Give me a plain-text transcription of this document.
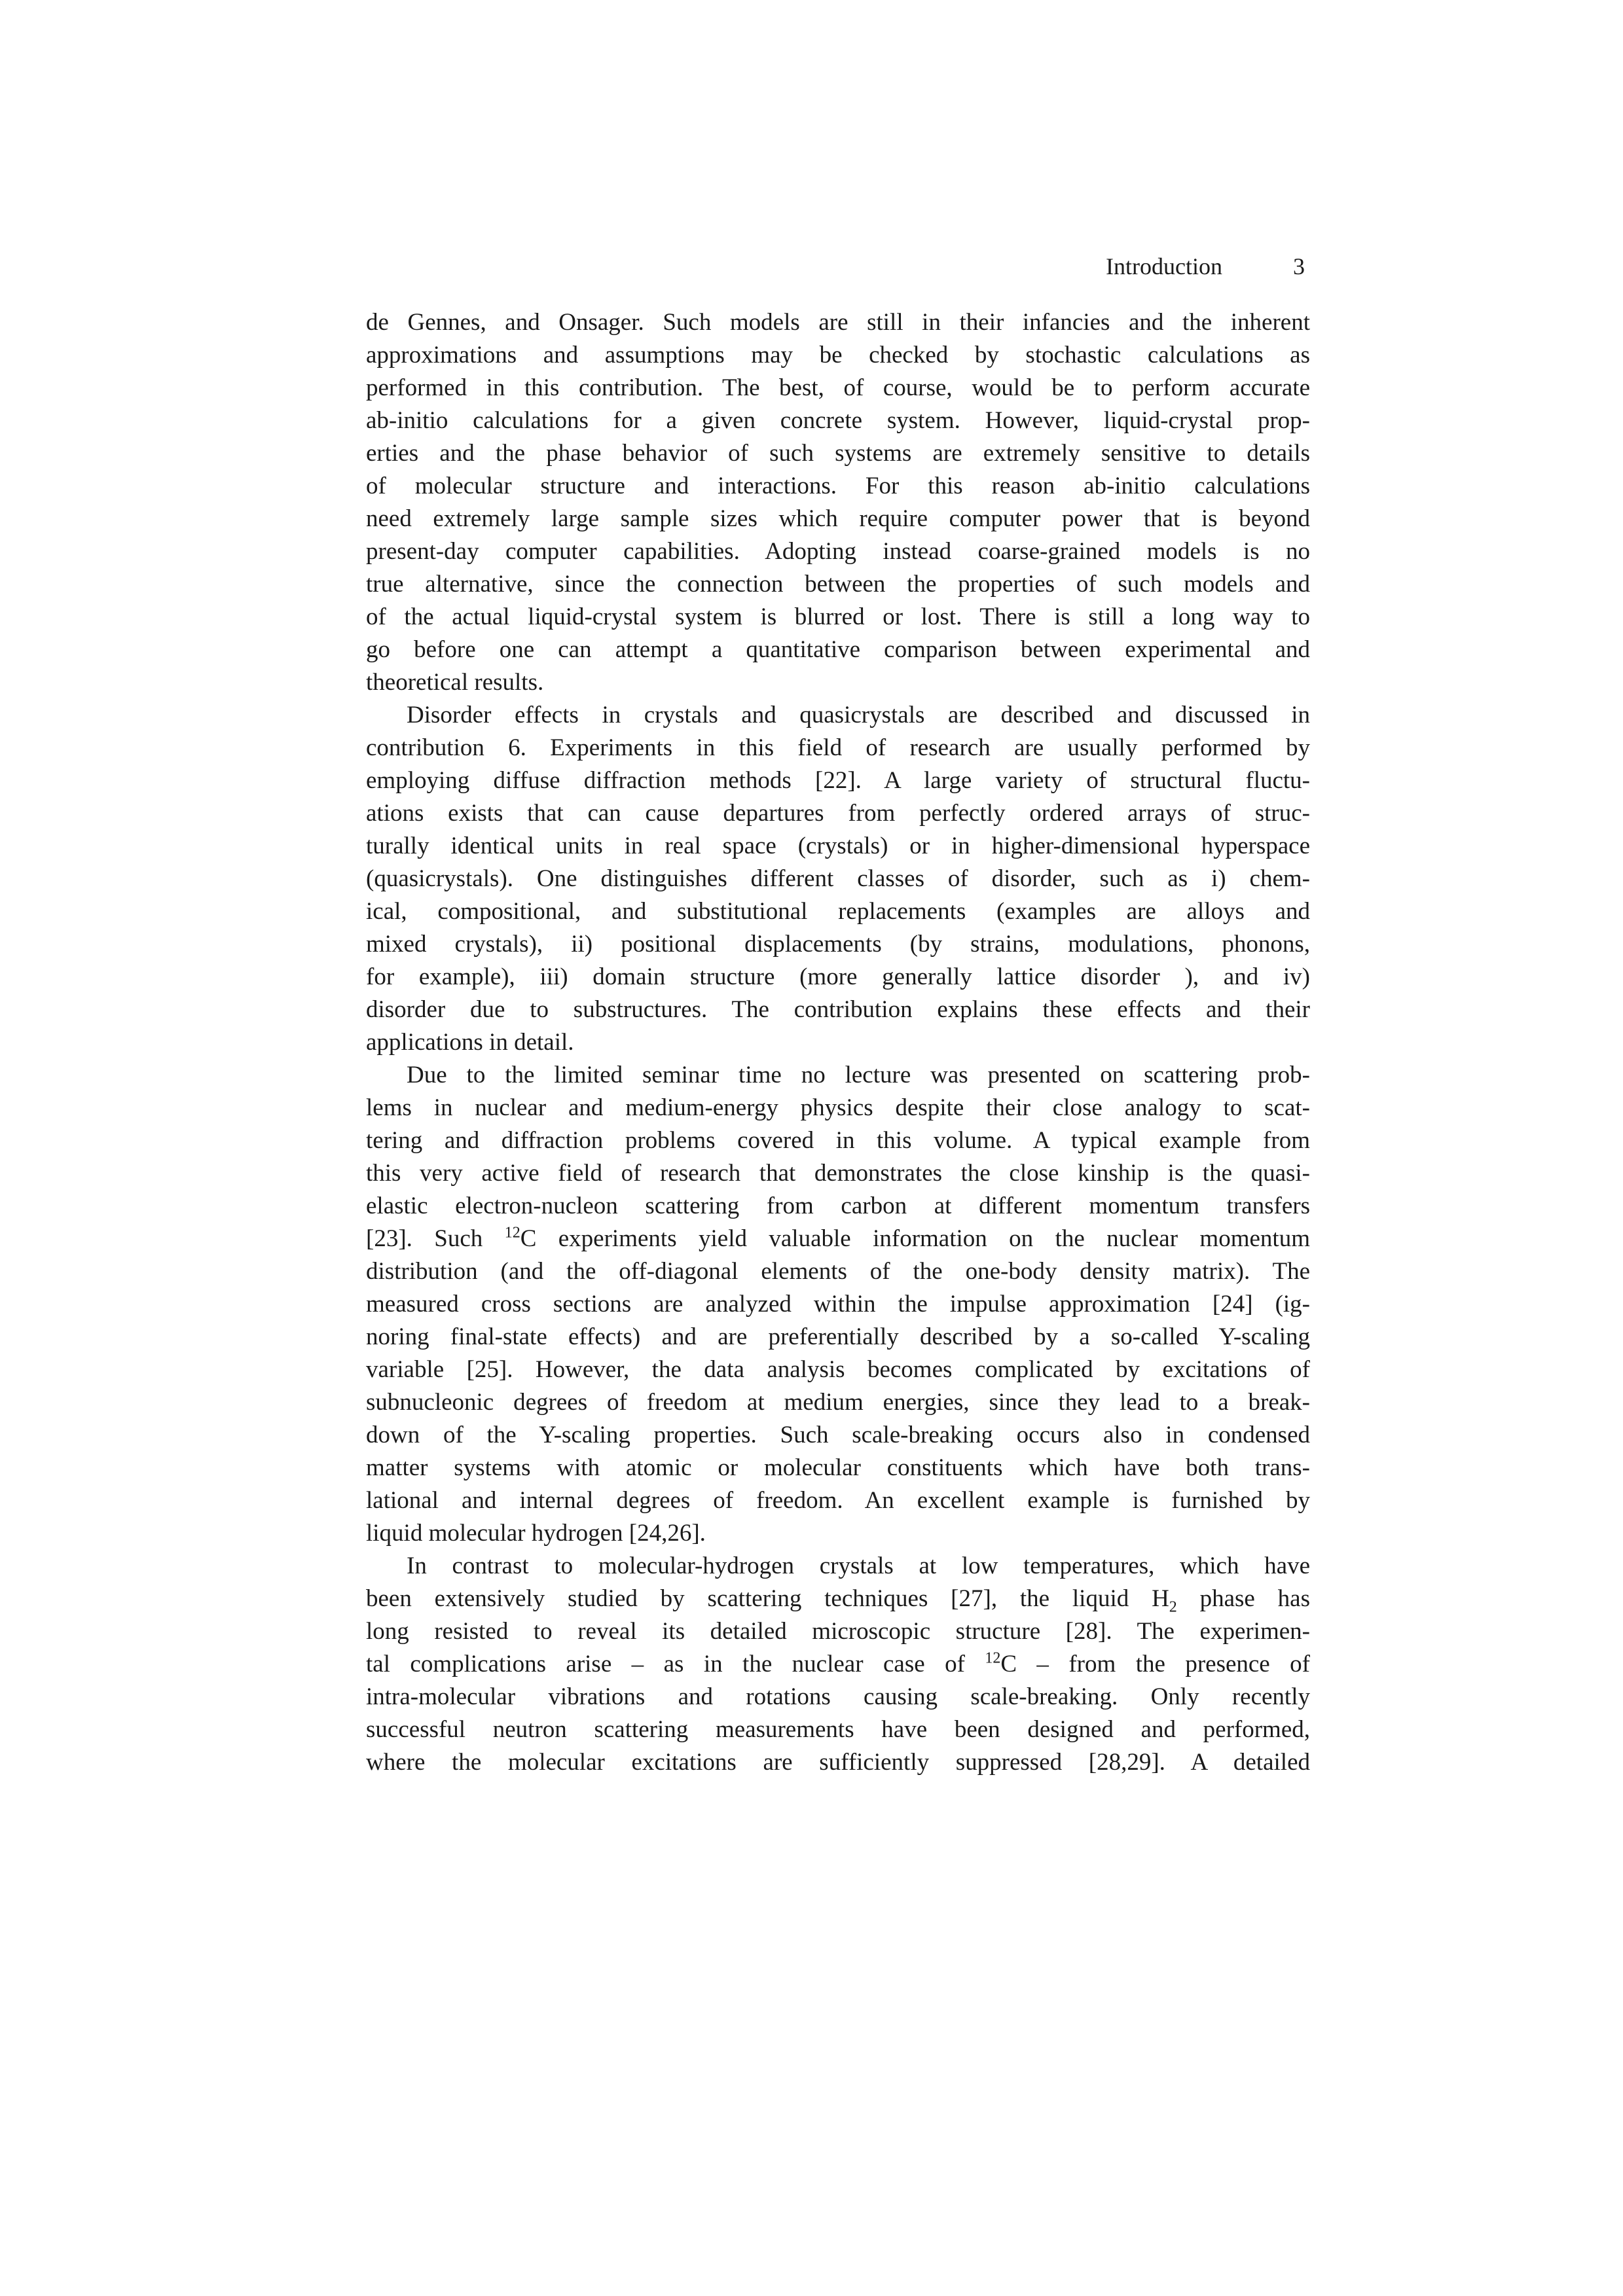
Introduction	3
de Gennes, and Onsager. Such models are still in their infancies and the inherent
approximations and assumptions may be checked by stochastic calculations as
performed in this contribution. The best, of course, would be to perform accurate
ab-initio calculations for a given concrete system. However, liquid-crystal prop-
erties and the phase behavior of such systems are extremely sensitive to details
of molecular structure and interactions. For this reason ab-initio calculations
need extremely large sample sizes which require computer power that is beyond
present-day computer capabilities. Adopting instead coarse-grained models is no
true alternative, since the connection between the properties of such models and
of the actual liquid-crystal system is blurred or lost. There is still a long way to
go before one can attempt a quantitative comparison between experimental and
theoretical results.
Disorder effects in crystals and quasicrystals are described and discussed in
contribution 6. Experiments in this field of research are usually performed by
employing diffuse diffraction methods [22]. A large variety of structural fluctu-
ations exists that can cause departures from perfectly ordered arrays of struc-
turally identical units in real space (crystals) or in higher-dimensional hyperspace
(quasicrystals). One distinguishes different classes of disorder, such as i) chem-
ical, compositional, and substitutional replacements (examples are alloys and
mixed crystals), ii) positional displacements (by strains, modulations, phonons,
for example), iii) domain structure (more generally lattice disorder ), and iv)
disorder due to substructures. The contribution explains these effects and their
applications in detail.
Due to the limited seminar time no lecture was presented on scattering prob-
lems in nuclear and medium-energy physics despite their close analogy to scat-
tering and diffraction problems covered in this volume. A typical example from
this very active field of research that demonstrates the close kinship is the quasi-
elastic electron-nucleon scattering from carbon at different momentum transfers
[23]. Such $^{12}$C experiments yield valuable information on the nuclear momentum
distribution (and the off-diagonal elements of the one-body density matrix). The
measured cross sections are analyzed within the impulse approximation [24] (ig-
noring final-state effects) and are preferentially described by a so-called Y-scaling
variable [25]. However, the data analysis becomes complicated by excitations of
subnucleonic degrees of freedom at medium energies, since they lead to a break-
down of the Y-scaling properties. Such scale-breaking occurs also in condensed
matter systems with atomic or molecular constituents which have both trans-
lational and internal degrees of freedom. An excellent example is furnished by
liquid molecular hydrogen [24,26].
In contrast to molecular-hydrogen crystals at low temperatures, which have
been extensively studied by scattering techniques [27], the liquid $H_2$ phase has
long resisted to reveal its detailed microscopic structure [28]. The experimen-
tal complications arise – as in the nuclear case of $^{12}$C – from the presence of
intra-molecular vibrations and rotations causing scale-breaking. Only recently
successful neutron scattering measurements have been designed and performed,
where the molecular excitations are sufficiently suppressed [28,29]. A detailed
